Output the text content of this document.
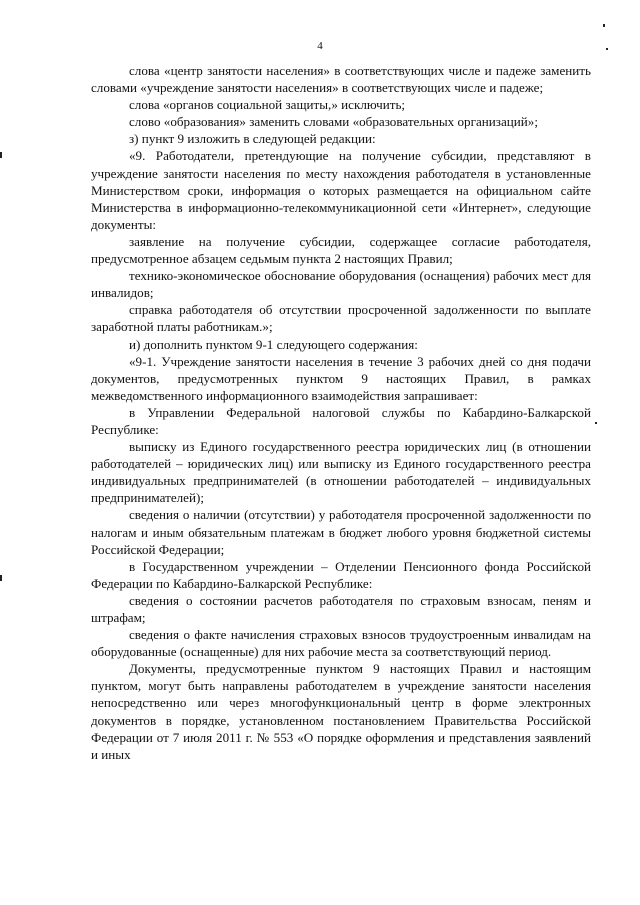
4

слова «центр занятости населения» в соответствующих числе и падеже заменить словами «учреждение занятости населения» в соответствующих числе и падеже;

слова «органов социальной защиты,» исключить;

слово «образования» заменить словами «образовательных организаций»;

з) пункт 9 изложить в следующей редакции:

«9. Работодатели, претендующие на получение субсидии, представляют в учреждение занятости населения по месту нахождения работодателя в установленные Министерством сроки, информация о которых размещается на официальном сайте Министерства в информационно-телекоммуникационной сети «Интернет», следующие документы:

заявление на получение субсидии, содержащее согласие работодателя, предусмотренное абзацем седьмым пункта 2 настоящих Правил;

технико-экономическое обоснование оборудования (оснащения) рабочих мест для инвалидов;

справка работодателя об отсутствии просроченной задолженности по выплате заработной платы работникам.»;

и) дополнить пунктом 9-1 следующего содержания:

«9-1. Учреждение занятости населения в течение 3 рабочих дней со дня подачи документов, предусмотренных пунктом 9 настоящих Правил, в рамках межведомственного информационного взаимодействия запрашивает:

в Управлении Федеральной налоговой службы по Кабардино-Балкарской Республике:

выписку из Единого государственного реестра юридических лиц (в отношении работодателей – юридических лиц) или выписку из Единого государственного реестра индивидуальных предпринимателей (в отношении работодателей – индивидуальных предпринимателей);

сведения о наличии (отсутствии) у работодателя просроченной задолженности по налогам и иным обязательным платежам в бюджет любого уровня бюджетной системы Российской Федерации;

в Государственном учреждении – Отделении Пенсионного фонда Российской Федерации по Кабардино-Балкарской Республике:

сведения о состоянии расчетов работодателя по страховым взносам, пеням и штрафам;

сведения о факте начисления страховых взносов трудоустроенным инвалидам на оборудованные (оснащенные) для них рабочие места за соответствующий период.

Документы, предусмотренные пунктом 9 настоящих Правил и настоящим пунктом, могут быть направлены работодателем в учреждение занятости населения непосредственно или через многофункциональный центр в форме электронных документов в порядке, установленном постановлением Правительства Российской Федерации от 7 июля 2011 г. № 553 «О порядке оформления и представления заявлений и иных
